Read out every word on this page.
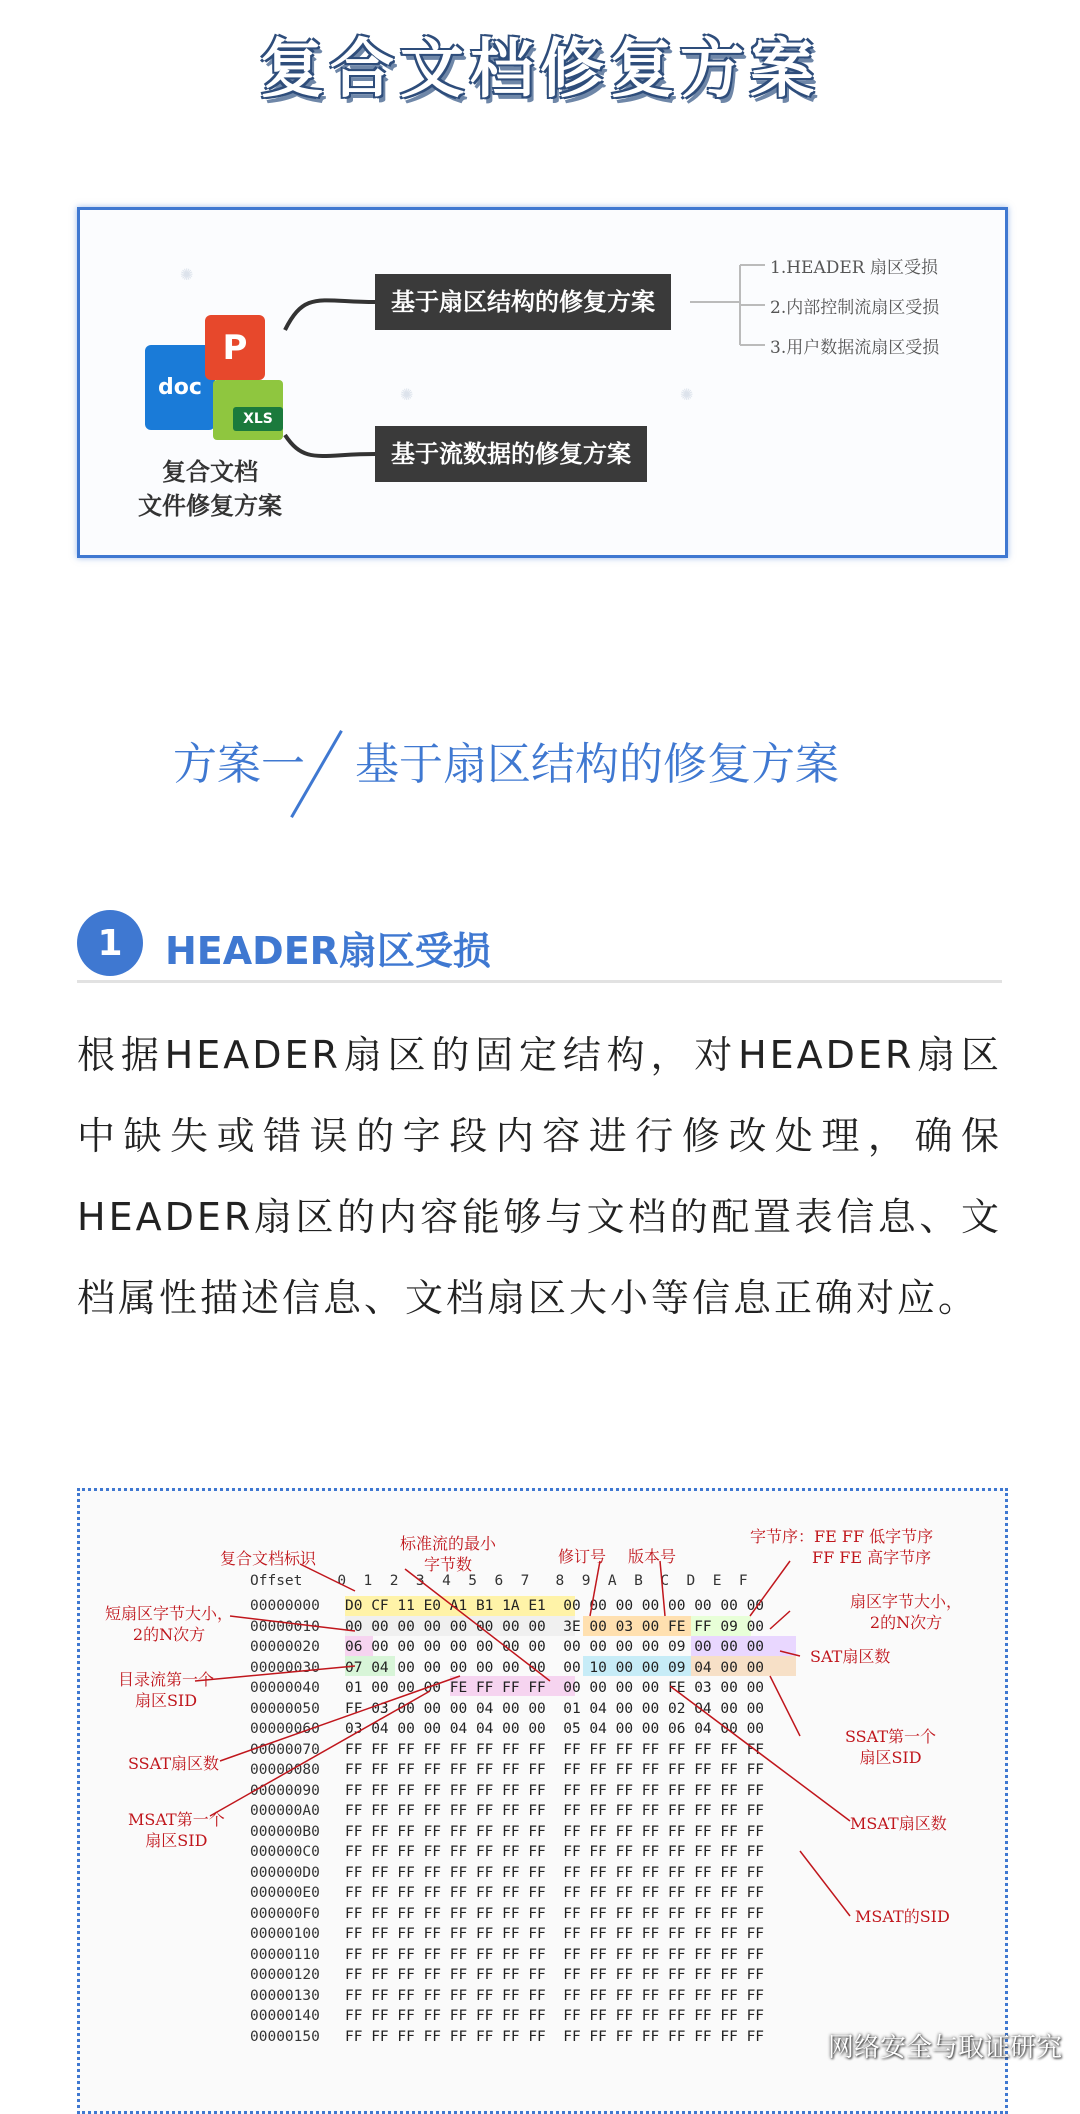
复合文档修复方案
✺
✺	✺
doc
P
XLS
复合文档
文件修复方案
基于扇区结构的修复方案
基于流数据的修复方案
1.HEADER 扇区受损
2.内部控制流扇区受损
3.用户数据流扇区受损
方案一 基于扇区结构的修复方案
1	HEADER扇区受损
根据HEADER扇区的固定结构，对HEADER扇区中缺失或错误的字段内容进行修改处理，确保HEADER扇区的内容能够与文档的配置表信息、文档属性描述信息、文档扇区大小等信息正确对应。
Offset 0  1  2  3  4  5  6  7   8  9  A  B  C  D  E  F
00000000 D0 CF 11 E0 A1 B1 1A E1  00 00 00 00 00 00 00 00
00000010 00 00 00 00 00 00 00 00  3E 00 03 00 FE FF 09 00
00000020 06 00 00 00 00 00 00 00  00 00 00 00 09 00 00 00
00000030 07 04 00 00 00 00 00 00  00 10 00 00 09 04 00 00
00000040 01 00 00 00 FE FF FF FF  00 00 00 00 FE 03 00 00
00000050 FF 03 00 00 00 04 00 00  01 04 00 00 02 04 00 00
00000060 03 04 00 00 04 04 00 00  05 04 00 00 06 04 00 00
00000070 FF FF FF FF FF FF FF FF  FF FF FF FF FF FF FF FF
00000080 FF FF FF FF FF FF FF FF  FF FF FF FF FF FF FF FF
00000090 FF FF FF FF FF FF FF FF  FF FF FF FF FF FF FF FF
000000A0 FF FF FF FF FF FF FF FF  FF FF FF FF FF FF FF FF
000000B0 FF FF FF FF FF FF FF FF  FF FF FF FF FF FF FF FF
000000C0 FF FF FF FF FF FF FF FF  FF FF FF FF FF FF FF FF
000000D0 FF FF FF FF FF FF FF FF  FF FF FF FF FF FF FF FF
000000E0 FF FF FF FF FF FF FF FF  FF FF FF FF FF FF FF FF
000000F0 FF FF FF FF FF FF FF FF  FF FF FF FF FF FF FF FF
00000100 FF FF FF FF FF FF FF FF  FF FF FF FF FF FF FF FF
00000110 FF FF FF FF FF FF FF FF  FF FF FF FF FF FF FF FF
00000120 FF FF FF FF FF FF FF FF  FF FF FF FF FF FF FF FF
00000130 FF FF FF FF FF FF FF FF  FF FF FF FF FF FF FF FF
00000140 FF FF FF FF FF FF FF FF  FF FF FF FF FF FF FF FF
00000150 FF FF FF FF FF FF FF FF  FF FF FF FF FF FF FF FF
复合文档标识
标准流的最小
字节数	修订号 版本号
字节序：FE FF 低字节序
FF FE 高字节序
短扇区字节大小，
2的N次方
扇区字节大小，
2的N次方
目录流第一个
扇区SID
SAT扇区数
SSAT第一个
扇区SID
SSAT扇区数
MSAT扇区数
MSAT第一个
扇区SID
MSAT的SID
网络安全与取证研究
